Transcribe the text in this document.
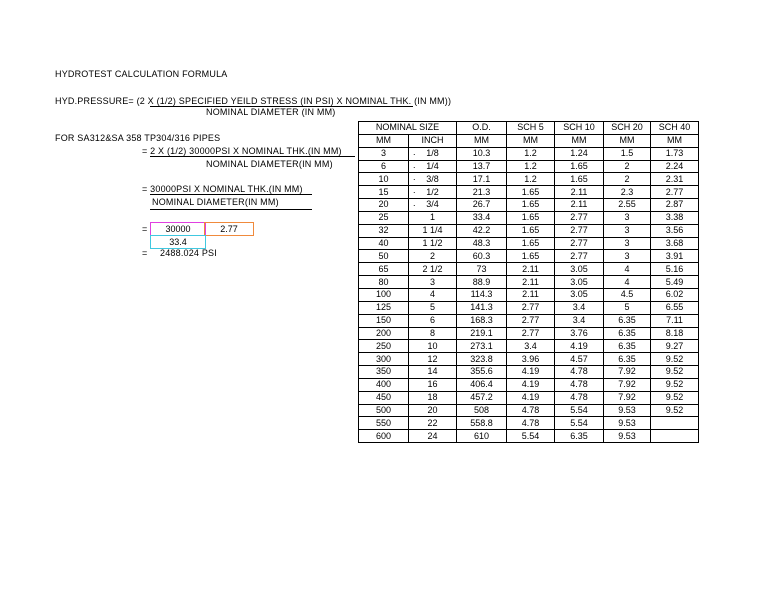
HYDROTEST CALCULATION FORMULA
HYD.PRESSURE= (2 X (1/2) SPECIFIED YEILD STRESS (IN PSI) X NOMINAL THK. (IN MM))
NOMINAL DIAMETER (IN MM)
FOR SA312&SA 358 TP304/316 PIPES
= 2 X (1/2) 30000PSI X NOMINAL THK.(IN MM)
NOMINAL DIAMETER(IN MM)
= 30000PSI X NOMINAL THK.(IN MM)
NOMINAL DIAMETER(IN MM)
=	30000	2.77
33.4
= 2488.024 PSI
NOMINAL SIZE		O.D.	SCH 5	SCH 10	SCH 20	SCH 40
MM	INCH	MM	MM	MM	MM	MM
3	. 1/8	10.3	1.2	1.24	1.5	1.73
6	. 1/4	13.7	1.2	1.65	2	2.24
10	. 3/8	17.1	1.2	1.65	2	2.31
15	. 1/2	21.3	1.65	2.11	2.3	2.77
20	. 3/4	26.7	1.65	2.11	2.55	2.87
25	1	33.4	1.65	2.77	3	3.38
32	1 1/4	42.2	1.65	2.77	3	3.56
40	1 1/2	48.3	1.65	2.77	3	3.68
50	2	60.3	1.65	2.77	3	3.91
65	2 1/2	73	2.11	3.05	4	5.16
80	3	88.9	2.11	3.05	4	5.49
100	4	114.3	2.11	3.05	4.5	6.02
125	5	141.3	2.77	3.4	5	6.55
150	6	168.3	2.77	3.4	6.35	7.11
200	8	219.1	2.77	3.76	6.35	8.18
250	10	273.1	3.4	4.19	6.35	9.27
300	12	323.8	3.96	4.57	6.35	9.52
350	14	355.6	4.19	4.78	7.92	9.52
400	16	406.4	4.19	4.78	7.92	9.52
450	18	457.2	4.19	4.78	7.92	9.52
500	20	508	4.78	5.54	9.53	9.52
550	22	558.8	4.78	5.54	9.53	
600	24	610	5.54	6.35	9.53	
